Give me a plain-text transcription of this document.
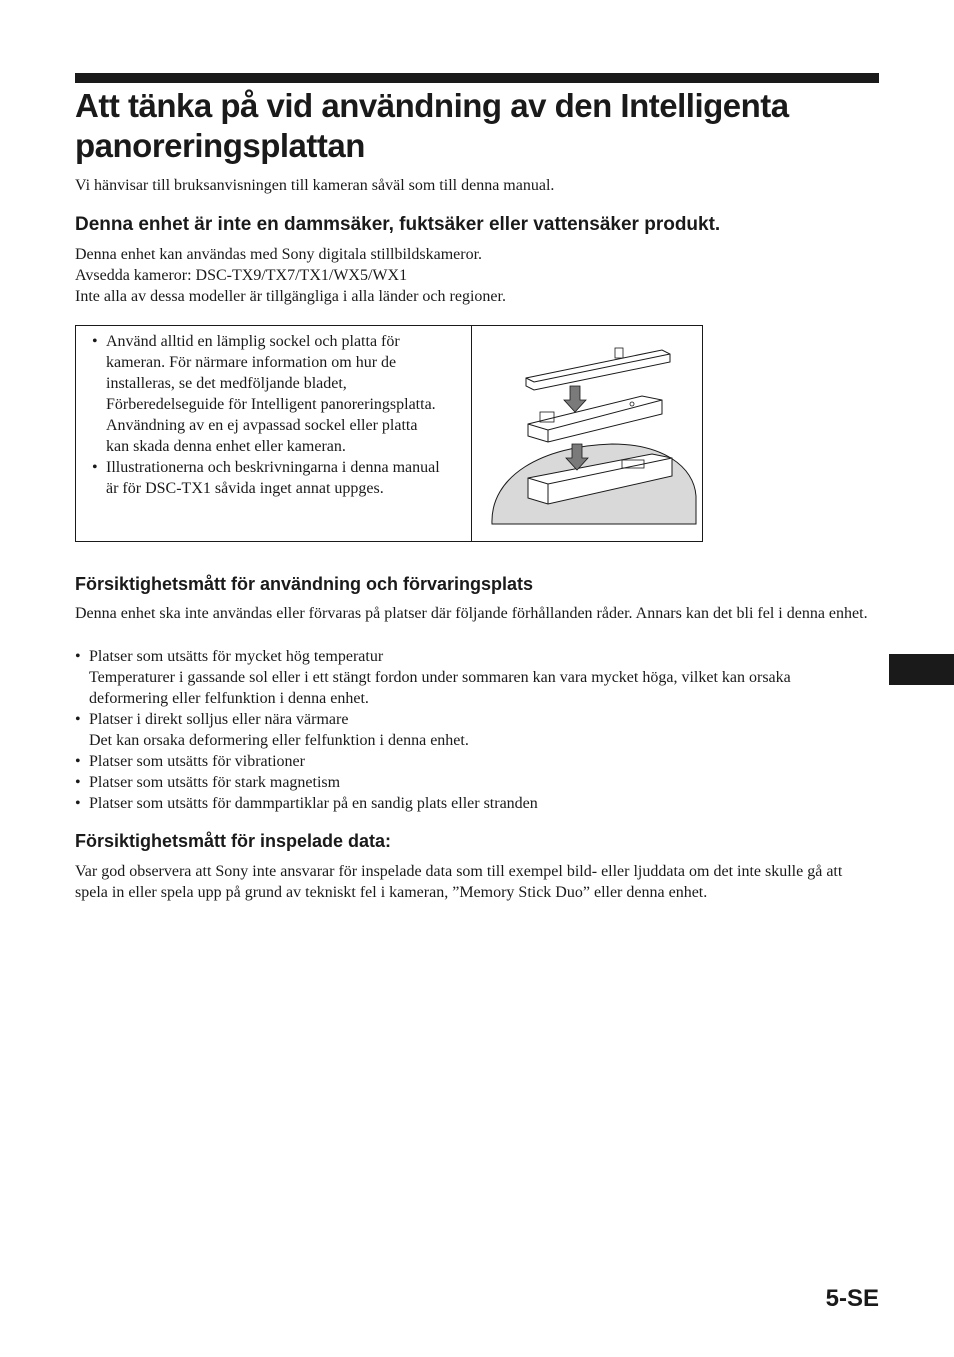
Att tänka på vid användning av den Intelligenta panoreringsplattan

Vi hänvisar till bruksanvisningen till kameran såväl som till denna manual.

Denna enhet är inte en dammsäker, fuktsäker eller vattensäker produkt.

Denna enhet kan användas med Sony digitala stillbildskameror.

Avsedda kameror: DSC-TX9/TX7/TX1/WX5/WX1

Inte alla av dessa modeller är tillgängliga i alla länder och regioner.

• Använd alltid en lämplig sockel och platta för kameran. För närmare information om hur de installeras, se det medföljande bladet, Förberedelseguide för Intelligent panoreringsplatta. Användning av en ej avpassad sockel eller platta kan skada denna enhet eller kameran.
• Illustrationerna och beskrivningarna i denna manual är för DSC-TX1 såvida inget annat uppges.
Försiktighetsmått för användning och förvaringsplats

Denna enhet ska inte användas eller förvaras på platser där följande förhållanden råder. Annars kan det bli fel i denna enhet.

• Platser som utsätts för mycket hög temperatur
Temperaturer i gassande sol eller i ett stängt fordon under sommaren kan vara mycket höga, vilket kan orsaka deformering eller felfunktion i denna enhet.
• Platser i direkt solljus eller nära värmare
Det kan orsaka deformering eller felfunktion i denna enhet.
• Platser som utsätts för vibrationer
• Platser som utsätts för stark magnetism
• Platser som utsätts för dammpartiklar på en sandig plats eller stranden
Försiktighetsmått för inspelade data:

Var god observera att Sony inte ansvarar för inspelade data som till exempel bild- eller ljuddata om det inte skulle gå att spela in eller spela upp på grund av tekniskt fel i kameran, ”Memory Stick Duo” eller denna enhet.

5-SE
